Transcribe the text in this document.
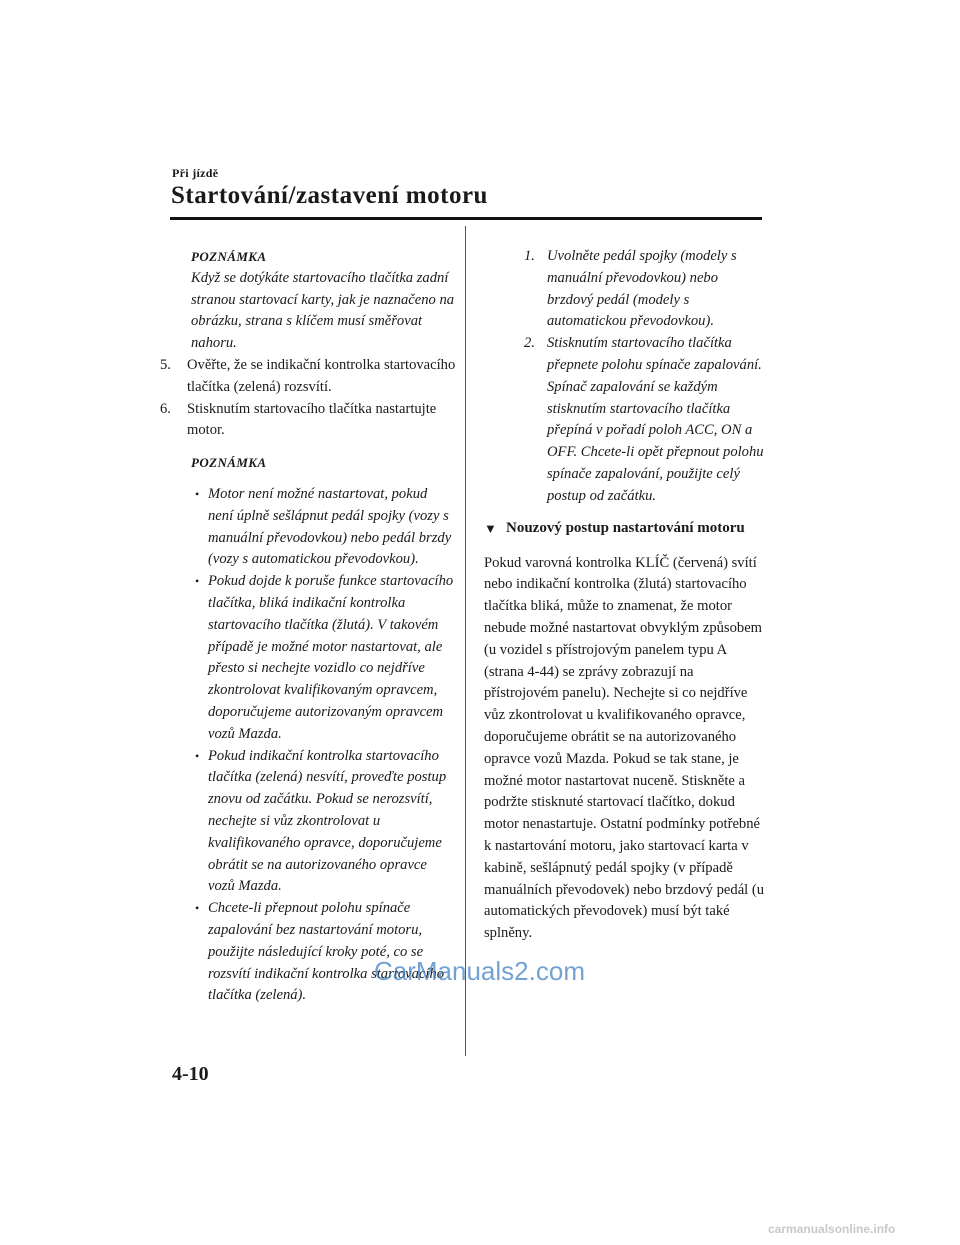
Při jízdě
Startování/zastavení motoru
POZNÁMKA
Když se dotýkáte startovacího tlačítka zadní stranou startovací karty, jak je naznačeno na obrázku, strana s klíčem musí směřovat nahoru.
5.	Ověřte, že se indikační kontrolka startovacího tlačítka (zelená) rozsvítí.
6.	Stisknutím startovacího tlačítka nastartujte motor.
POZNÁMKA
• Motor není možné nastartovat, pokud není úplně sešlápnut pedál spojky (vozy s manuální převodovkou) nebo pedál brzdy (vozy s automatickou převodovkou).
• Pokud dojde k poruše funkce startovacího tlačítka, bliká indikační kontrolka startovacího tlačítka (žlutá). V takovém případě je možné motor nastartovat, ale přesto si nechejte vozidlo co nejdříve zkontrolovat kvalifikovaným opravcem, doporučujeme autorizovaným opravcem vozů Mazda.
• Pokud indikační kontrolka startovacího tlačítka (zelená) nesvítí, proveďte postup znovu od začátku. Pokud se nerozsvítí, nechejte si vůz zkontrolovat u kvalifikovaného opravce, doporučujeme obrátit se na autorizovaného opravce vozů Mazda.
• Chcete-li přepnout polohu spínače zapalování bez nastartování motoru, použijte následující kroky poté, co se rozsvítí indikační kontrolka startovacího tlačítka (zelená).
1. Uvolněte pedál spojky (modely s manuální převodovkou) nebo brzdový pedál (modely s automatickou převodovkou).
2. Stisknutím startovacího tlačítka přepnete polohu spínače zapalování. Spínač zapalování se každým stisknutím startovacího tlačítka přepíná v pořadí poloh ACC, ON a OFF. Chcete-li opět přepnout polohu spínače zapalování, použijte celý postup od začátku.
▼ Nouzový postup nastartování motoru

Pokud varovná kontrolka KLÍČ (červená) svítí nebo indikační kontrolka (žlutá) startovacího tlačítka bliká, může to znamenat, že motor nebude možné nastartovat obvyklým způsobem (u vozidel s přístrojovým panelem typu A (strana 4-44) se zprávy zobrazují na přístrojovém panelu). Nechejte si co nejdříve vůz zkontrolovat u kvalifikovaného opravce, doporučujeme obrátit se na autorizovaného opravce vozů Mazda. Pokud se tak stane, je možné motor nastartovat nuceně. Stiskněte a podržte stisknuté startovací tlačítko, dokud motor nenastartuje. Ostatní podmínky potřebné k nastartování motoru, jako startovací karta v kabině, sešlápnutý pedál spojky (v případě manuálních převodovek) nebo brzdový pedál (u automatických převodovek) musí být také splněny.

4-10
CarManuals2.com
carmanualsonline.info
